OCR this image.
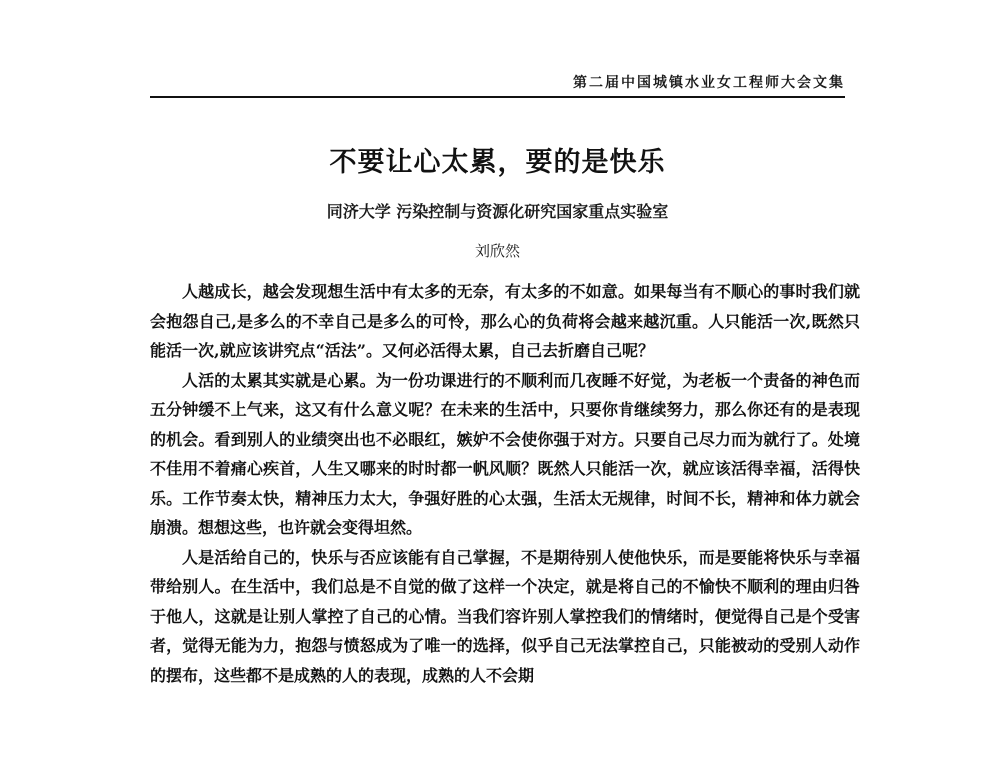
第二届中国城镇水业女工程师大会文集
不要让心太累，要的是快乐
同济大学 污染控制与资源化研究国家重点实验室
刘欣然

人越成长，越会发现想生活中有太多的无奈，有太多的不如意。如果每当有不顺心的事时我们就会抱怨自己,是多么的不幸自己是多么的可怜，那么心的负荷将会越来越沉重。人只能活一次,既然只能活一次,就应该讲究点“活法”。又何必活得太累，自己去折磨自己呢？

人活的太累其实就是心累。为一份功课进行的不顺利而几夜睡不好觉，为老板一个责备的神色而五分钟缓不上气来，这又有什么意义呢？在未来的生活中，只要你肯继续努力，那么你还有的是表现的机会。看到别人的业绩突出也不必眼红，嫉妒不会使你强于对方。只要自己尽力而为就行了。处境不佳用不着痛心疾首，人生又哪来的时时都一帆风顺？既然人只能活一次，就应该活得幸福，活得快乐。工作节奏太快，精神压力太大，争强好胜的心太强，生活太无规律，时间不长，精神和体力就会崩溃。想想这些，也许就会变得坦然。

人是活给自己的，快乐与否应该能有自己掌握，不是期待别人使他快乐，而是要能将快乐与幸福带给别人。在生活中，我们总是不自觉的做了这样一个决定，就是将自己的不愉快不顺利的理由归咎于他人，这就是让别人掌控了自己的心情。当我们容许别人掌控我们的情绪时，便觉得自己是个受害者，觉得无能为力，抱怨与愤怒成为了唯一的选择，似乎自己无法掌控自己，只能被动的受别人动作的摆布，这些都不是成熟的人的表现，成熟的人不会期
